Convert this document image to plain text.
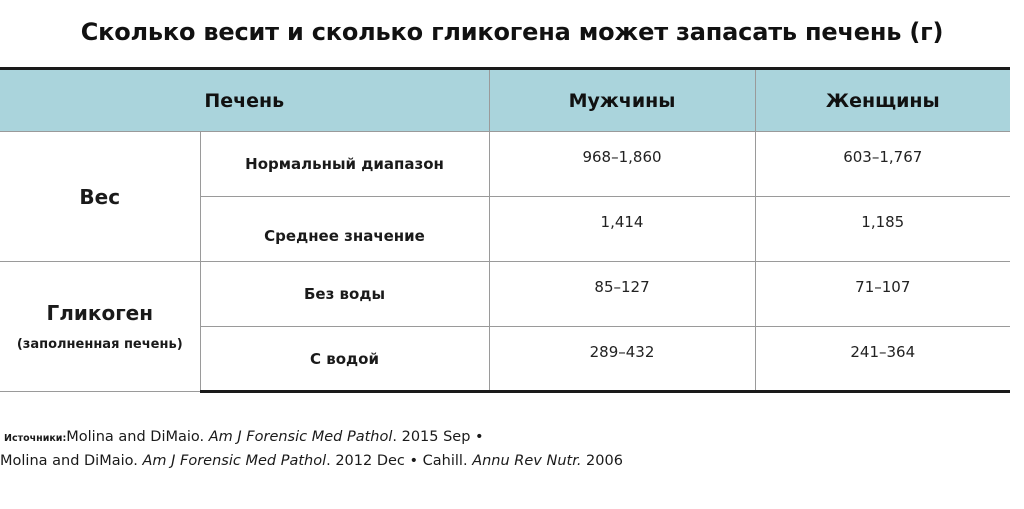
Сколько весит и сколько гликогена может запасать печень (г)
Печень		Мужчины	Женщины

Вес	Нормальный диапазон	968–1,860	603–1,767
	Среднее значение	1,414	1,185

Гликоген
(заполненная печень)	Без воды	85–127	71–107
	С водой	289–432	241–364
Источники:Molina and DiMaio. Am J Forensic Med Pathol. 2015 Sep •
Molina and DiMaio. Am J Forensic Med Pathol. 2012 Dec • Cahill. Annu Rev Nutr. 2006
